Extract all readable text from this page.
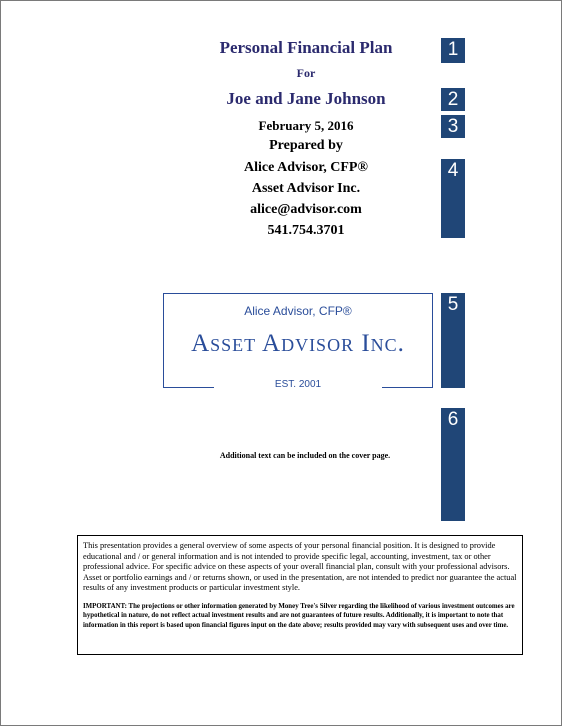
Personal Financial Plan
For
Joe and Jane Johnson
February 5, 2016
Prepared by
Alice Advisor, CFP®
Asset Advisor Inc.
alice@advisor.com
541.754.3701
1
2
3
4
5
6
Alice Advisor, CFP®
Asset Advisor Inc.
EST. 2001
Additional text can be included on the cover page.

This presentation provides a general overview of some aspects of your personal financial position. It is designed to provide educational and / or general information and is not intended to provide specific legal, accounting, investment, tax or other professional advice. For specific advice on these aspects of your overall financial plan, consult with your professional advisors. Asset or portfolio earnings and / or returns shown, or used in the presentation, are not intended to predict nor guarantee the actual results of any investment products or particular investment style.

IMPORTANT: The projections or other information generated by Money Tree's Silver regarding the likelihood of various investment outcomes are hypothetical in nature, do not reflect actual investment results and are not guarantees of future results. Additionally, it is important to note that information in this report is based upon financial figures input on the date above; results provided may vary with subsequent uses and over time.
